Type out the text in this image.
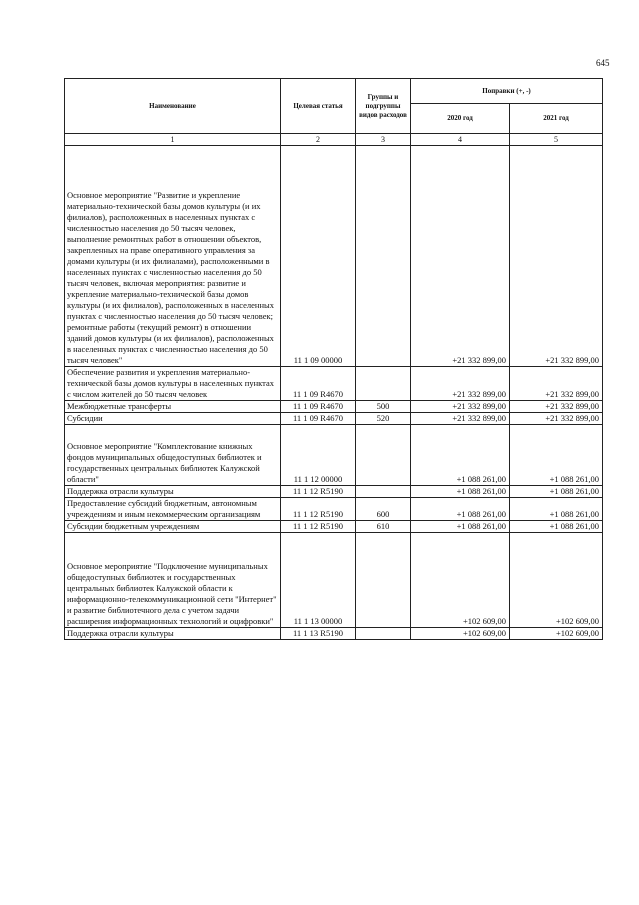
645
Наименование	Целевая статья	Группы и подгруппы видов расходов	Поправки (+, -)	
			2020 год	2021 год
1	2	3	4	5

Основное мероприятие "Развитие и укрепление материально-технической базы домов культуры (и их филиалов), расположенных в населенных пунктах с численностью населения до 50 тысяч человек, выполнение ремонтных работ в отношении объектов, закрепленных на праве оперативного управления за домами культуры (и их филиалами), расположенными в населенных пунктах с численностью населения до 50 тысяч человек, включая мероприятия: развитие и укрепление материально-технической базы домов культуры (и их филиалов), расположенных в населенных пунктах с численностью населения до 50 тысяч человек; ремонтные работы (текущий ремонт) в отношении зданий домов культуры (и их филиалов), расположенных в населенных пунктах с численностью населения до 50 тысяч человек"	11 1 09 00000		+21 332 899,00	+21 332 899,00
Обеспечение развития и укрепления материально-технической базы домов культуры в населенных пунктах с числом жителей до 50 тысяч человек	11 1 09 R4670		+21 332 899,00	+21 332 899,00
Межбюджетные трансферты	11 1 09 R4670	500	+21 332 899,00	+21 332 899,00
Субсидии	11 1 09 R4670	520	+21 332 899,00	+21 332 899,00

Основное мероприятие "Комплектование книжных фондов муниципальных общедоступных библиотек и государственных центральных библиотек Калужской области"	11 1 12 00000		+1 088 261,00	+1 088 261,00
Поддержка отрасли культуры	11 1 12 R5190		+1 088 261,00	+1 088 261,00
Предоставление субсидий бюджетным, автономным учреждениям и иным некоммерческим организациям	11 1 12 R5190	600	+1 088 261,00	+1 088 261,00
Субсидии бюджетным учреждениям	11 1 12 R5190	610	+1 088 261,00	+1 088 261,00

Основное мероприятие "Подключение муниципальных общедоступных библиотек и государственных центральных библиотек Калужской области к информационно-телекоммуникационной сети "Интернет" и развитие библиотечного дела с учетом задачи расширения информационных технологий и оцифровки"	11 1 13 00000		+102 609,00	+102 609,00
Поддержка отрасли культуры	11 1 13 R5190		+102 609,00	+102 609,00
